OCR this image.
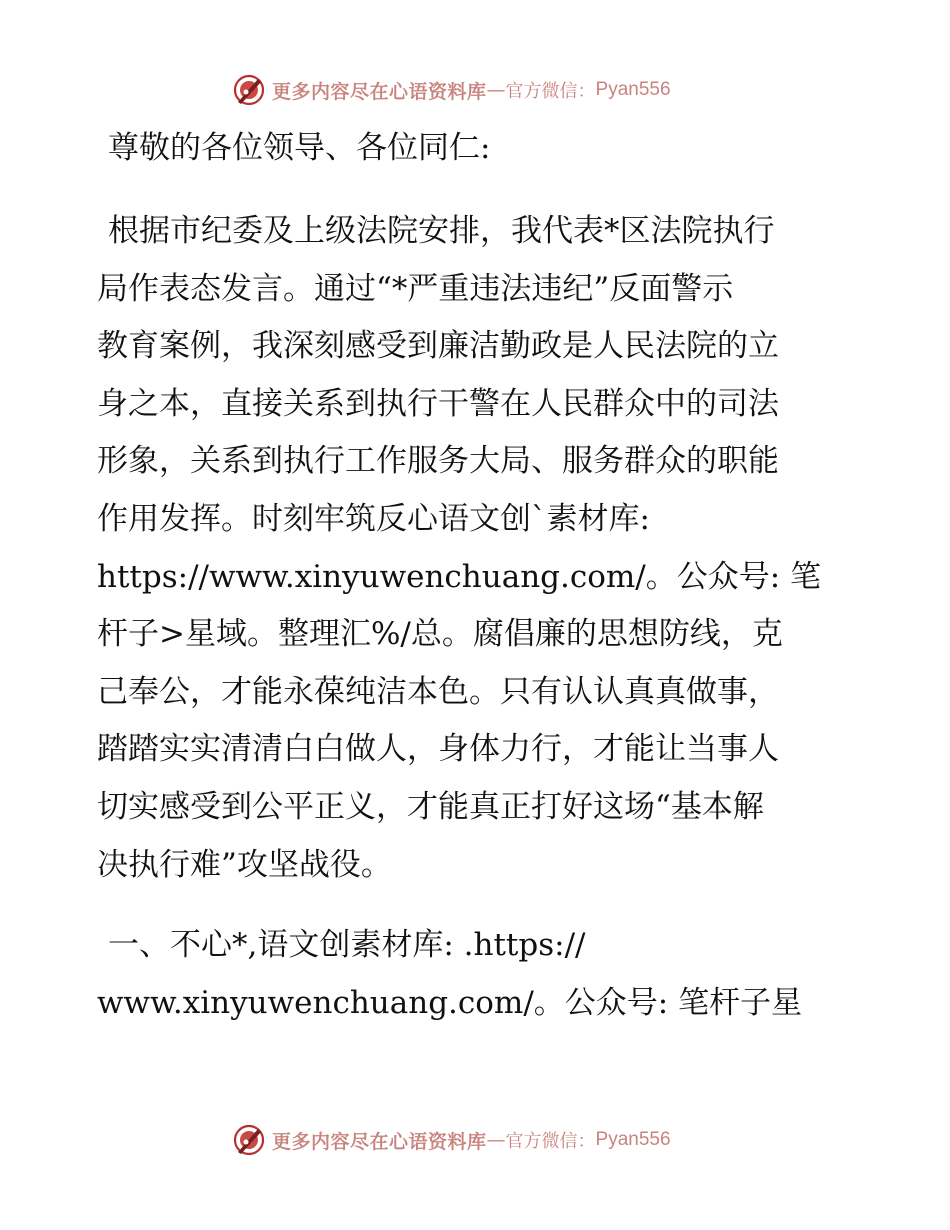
更多内容尽在心语资料库 — 官方微信： Pyan556
尊敬的各位领导、各位同仁:
根据市纪委及上级法院安排，我代表*区法院执行
局作表态发言。通过“*严重违法违纪”反面警示
教育案例，我深刻感受到廉洁勤政是人民法院的立
身之本，直接关系到执行干警在人民群众中的司法
形象，关系到执行工作服务大局、服务群众的职能
作用发挥。时刻牢筑反心语文创`素材库:
https://www.xinyuwenchuang.com/。公众号: 笔
杆子>星域。整理汇%/总。腐倡廉的思想防线，克
己奉公，才能永葆纯洁本色。只有认认真真做事，
踏踏实实清清白白做人，身体力行，才能让当事人
切实感受到公平正义，才能真正打好这场“基本解
决执行难”攻坚战役。
一、不心*,语文创素材库: .https://
www.xinyuwenchuang.com/。公众号: 笔杆子星
更多内容尽在心语资料库 — 官方微信： Pyan556
